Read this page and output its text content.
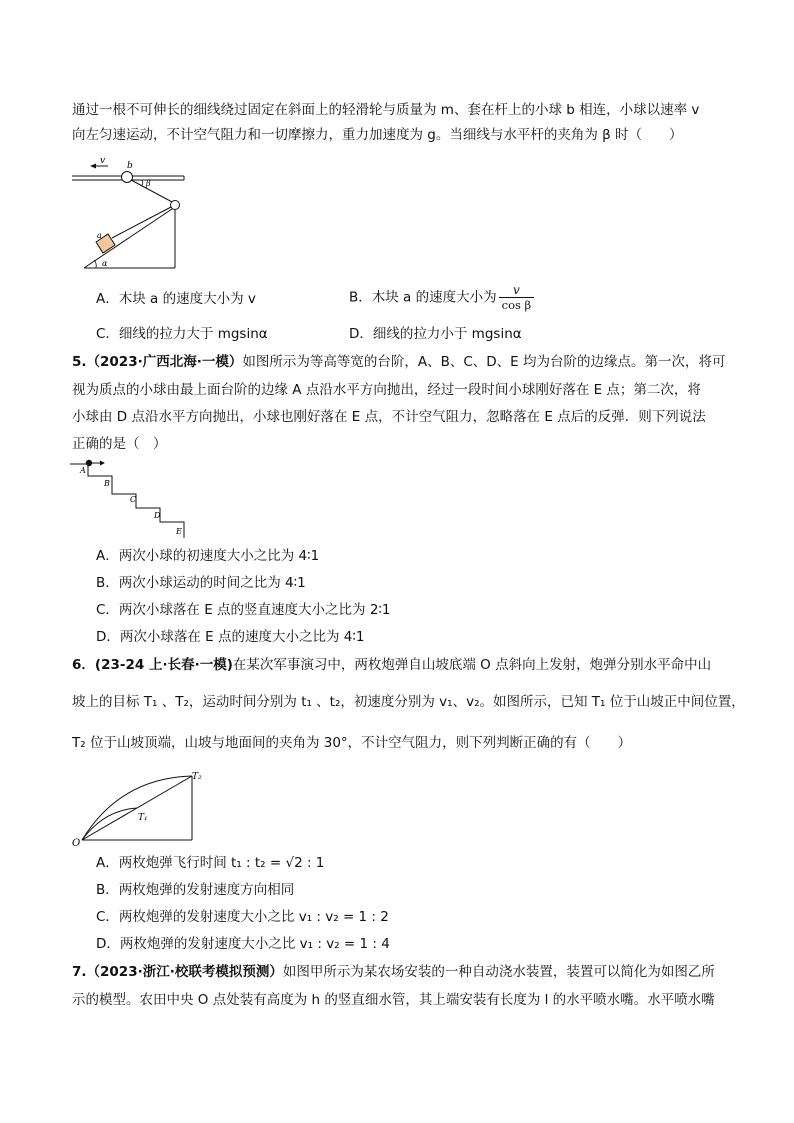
通过一根不可伸长的细线绕过固定在斜面上的轻滑轮与质量为 m、套在杆上的小球 b 相连，小球以速率 v
向左匀速运动，不计空气阻力和一切摩擦力，重力加速度为 g。当细线与水平杆的夹角为 β 时（　　）
v b
β
a
α
A．木块 a 的速度大小为 v	B．木块 a 的速度大小为 $\frac{v}{\text{cos β}}$
C．细线的拉力大于 mgsinα	D．细线的拉力小于 mgsinα
5.（2023·广西北海·一模）如图所示为等高等宽的台阶，A、B、C、D、E 均为台阶的边缘点。第一次，将可
视为质点的小球由最上面台阶的边缘 A 点沿水平方向抛出，经过一段时间小球刚好落在 E 点；第二次，将
小球由 D 点沿水平方向抛出，小球也刚好落在 E 点，不计空气阻力，忽略落在 E 点后的反弹．则下列说法
正确的是（　）
A
B
C
D
E
A．两次小球的初速度大小之比为 4∶1
B．两次小球运动的时间之比为 4∶1
C．两次小球落在 E 点的竖直速度大小之比为 2∶1
D．两次小球落在 E 点的速度大小之比为 4∶1
6．(23-24 上·长春·一模)在某次军事演习中，两枚炮弹自山坡底端 O 点斜向上发射，炮弹分别水平命中山
坡上的目标 T₁ 、T₂，运动时间分别为 t₁ 、t₂，初速度分别为 v₁、v₂。如图所示，已知 T₁ 位于山坡正中间位置，
T₂ 位于山坡顶端，山坡与地面间的夹角为 30°，不计空气阻力，则下列判断正确的有（　　）
O
T₁
T₂
A．两枚炮弹飞行时间 t₁ : t₂ = √2 : 1
B．两枚炮弹的发射速度方向相同
C．两枚炮弹的发射速度大小之比 v₁ : v₂ = 1 : 2
D．两枚炮弹的发射速度大小之比 v₁ : v₂ = 1 : 4
7.（2023·浙江·校联考模拟预测）如图甲所示为某农场安装的一种自动浇水装置，装置可以简化为如图乙所
示的模型。农田中央 O 点处装有高度为 h 的竖直细水管，其上端安装有长度为 l 的水平喷水嘴。水平喷水嘴
